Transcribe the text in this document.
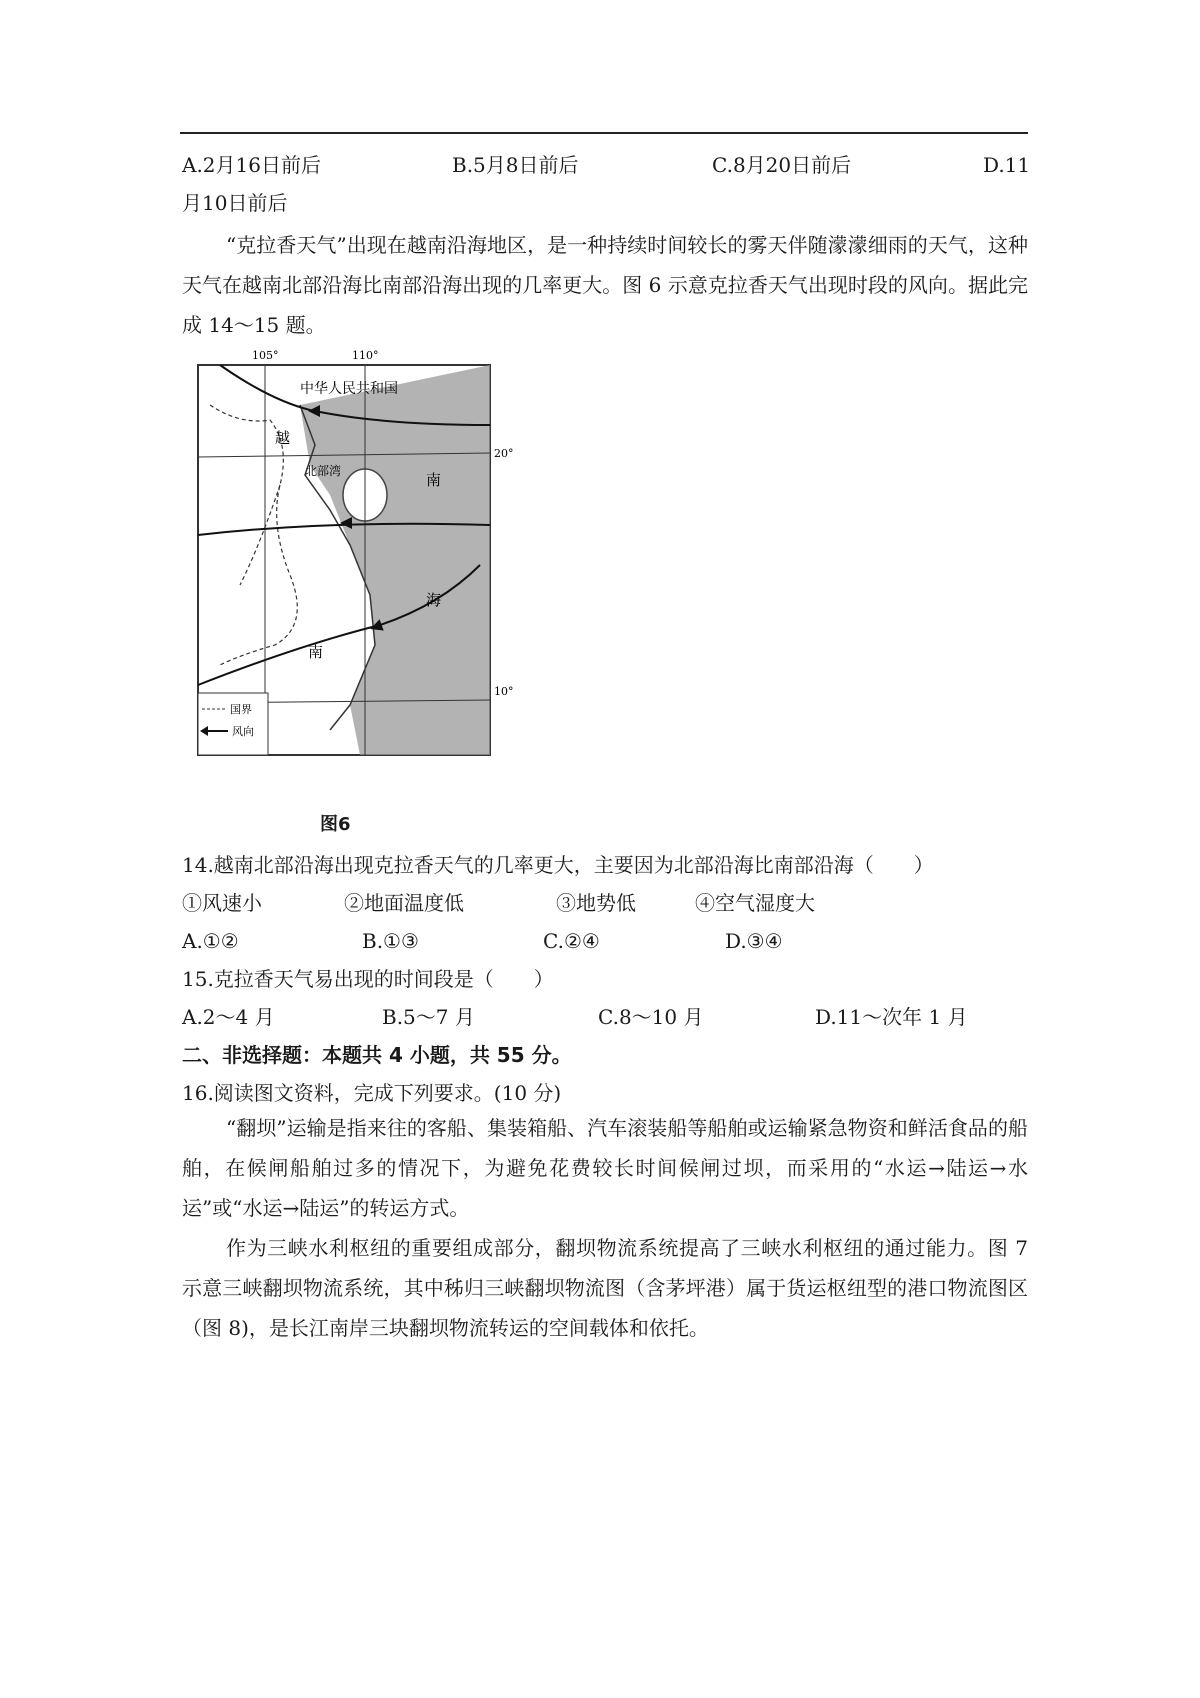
A.2月16日前后	B.5月8日前后	C.8月20日前后	D.11
月10日前后
“克拉香天气”出现在越南沿海地区，是一种持续时间较长的雾天伴随濛濛细雨的天气，这种天气在越南北部沿海比南部沿海出现的几率更大。图 6 示意克拉香天气出现时段的风向。据此完成 14～15 题。
105°	110°
20°
10°
中华人民共和国
越
南
北部湾	南
海
国界
风向
图6
14.越南北部沿海出现克拉香天气的几率更大，主要因为北部沿海比南部沿海（　　）
①风速小	②地面温度低	③地势低	④空气湿度大
A.①②	B.①③	C.②④	D.③④
15.克拉香天气易出现的时间段是（　　）
A.2～4 月	B.5～7 月	C.8～10 月	D.11～次年 1 月
二、非选择题：本题共 4 小题，共 55 分。
16.阅读图文资料，完成下列要求。(10 分)
“翻坝”运输是指来往的客船、集装箱船、汽车滚装船等船舶或运输紧急物资和鲜活食品的船舶，在候闸船舶过多的情况下，为避免花费较长时间候闸过坝，而采用的“水运→陆运→水运”或“水运→陆运”的转运方式。
作为三峡水利枢纽的重要组成部分，翻坝物流系统提高了三峡水利枢纽的通过能力。图 7 示意三峡翻坝物流系统，其中秭归三峡翻坝物流图（含茅坪港）属于货运枢纽型的港口物流图区（图 8)，是长江南岸三块翻坝物流转运的空间载体和依托。
